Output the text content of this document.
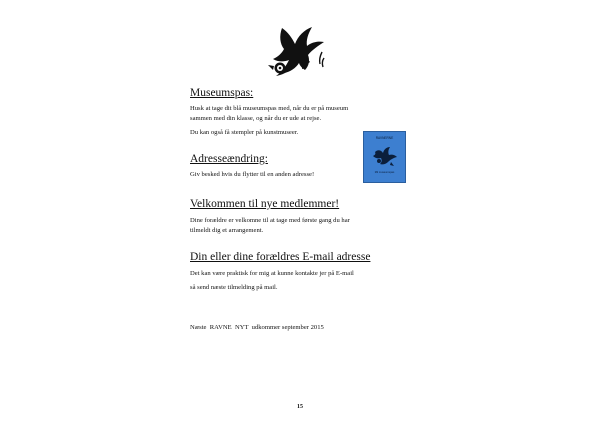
Museumspas:

Husk at tage dit blå museumspas med, når du er på museum

sammen med din klasse, og når du er ude at rejse.

Du kan også få stempler på kunstmuseer.

Adresseændring:

Giv besked hvis du flytter til en anden adresse!

Velkommen til nye medlemmer!

Dine forældre er velkomne til at tage med første gang du har

tilmeldt dig et arrangement.

Din eller dine forældres E-mail adresse

Det kan være praktisk for mig at kunne kontakte jer på E-mail

så send næste tilmelding på mail.

RAVNERNE
Mit museumspas

Næste  RAVNE  NYT  udkommer september 2015

15
